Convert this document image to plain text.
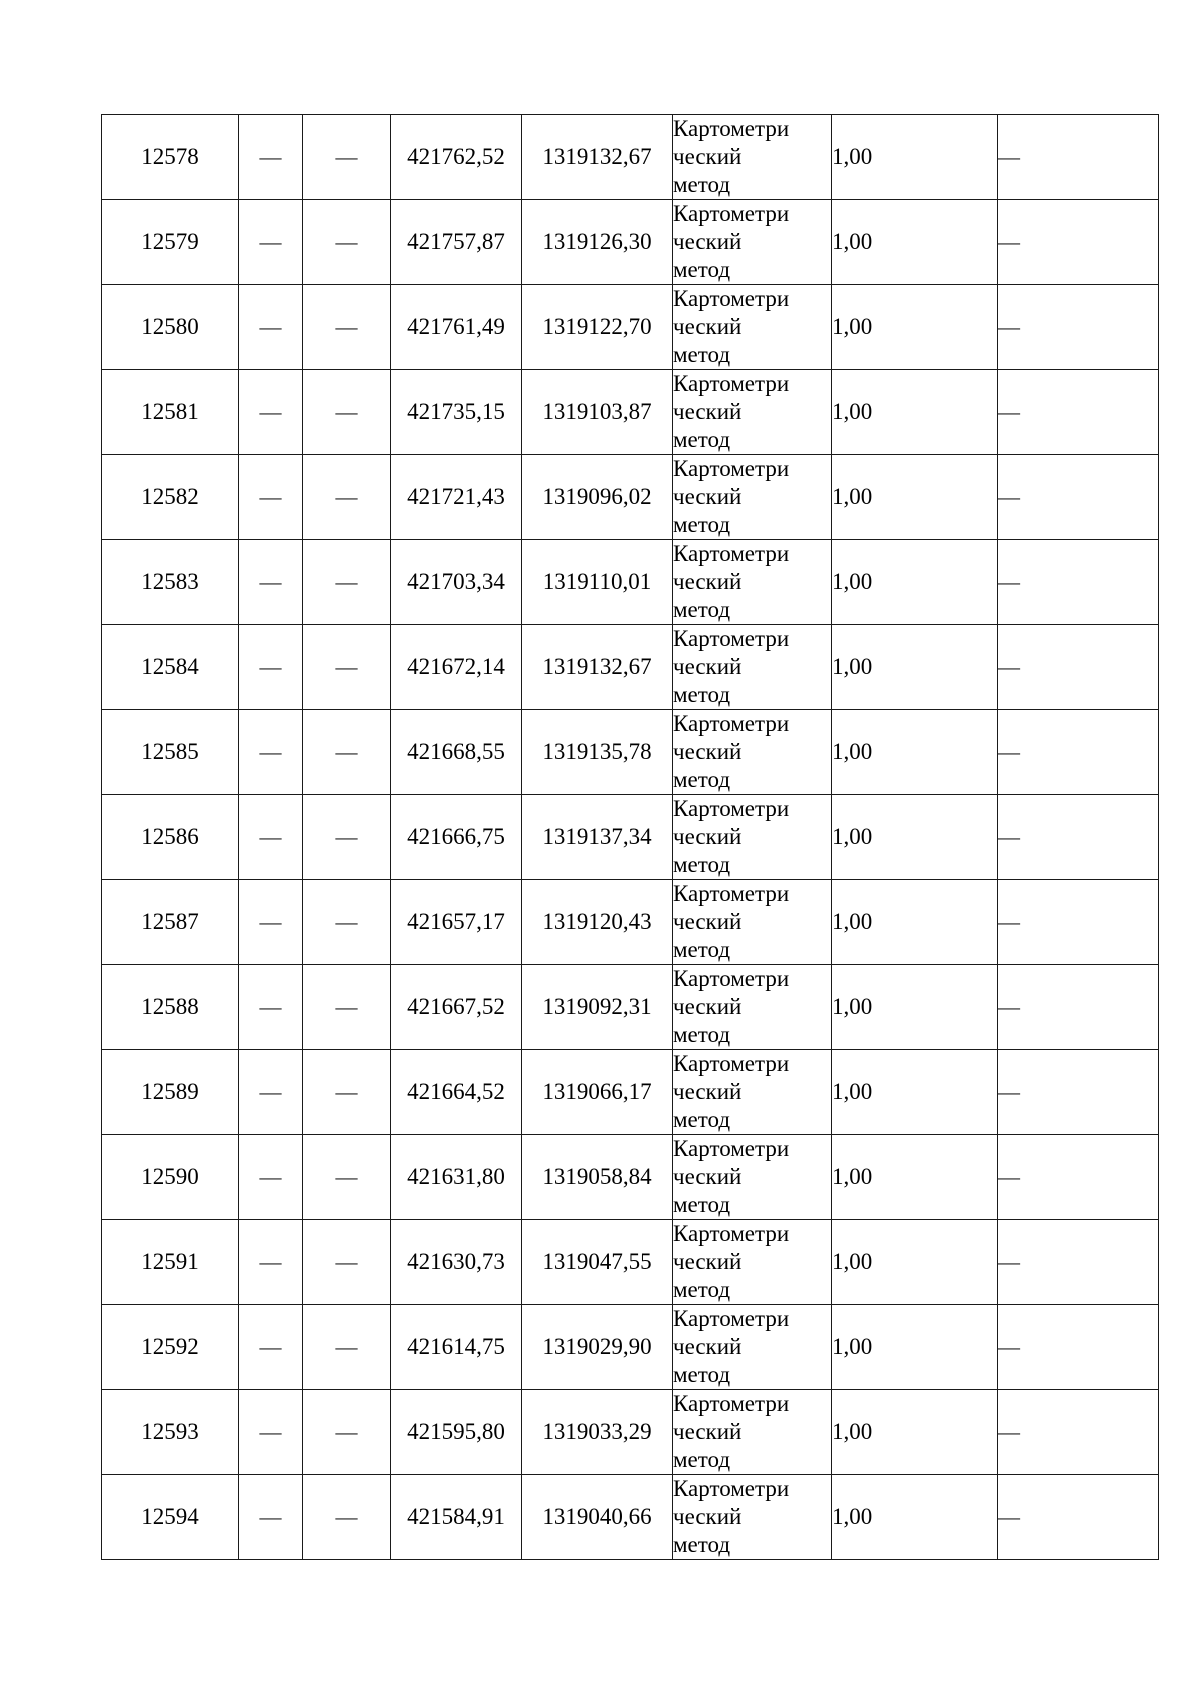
12578	—	—	421762,52	1319132,67	Картометри
ческий
метод	1,00	—
12579	—	—	421757,87	1319126,30	Картометри
ческий
метод	1,00	—
12580	—	—	421761,49	1319122,70	Картометри
ческий
метод	1,00	—
12581	—	—	421735,15	1319103,87	Картометри
ческий
метод	1,00	—
12582	—	—	421721,43	1319096,02	Картометри
ческий
метод	1,00	—
12583	—	—	421703,34	1319110,01	Картометри
ческий
метод	1,00	—
12584	—	—	421672,14	1319132,67	Картометри
ческий
метод	1,00	—
12585	—	—	421668,55	1319135,78	Картометри
ческий
метод	1,00	—
12586	—	—	421666,75	1319137,34	Картометри
ческий
метод	1,00	—
12587	—	—	421657,17	1319120,43	Картометри
ческий
метод	1,00	—
12588	—	—	421667,52	1319092,31	Картометри
ческий
метод	1,00	—
12589	—	—	421664,52	1319066,17	Картометри
ческий
метод	1,00	—
12590	—	—	421631,80	1319058,84	Картометри
ческий
метод	1,00	—
12591	—	—	421630,73	1319047,55	Картометри
ческий
метод	1,00	—
12592	—	—	421614,75	1319029,90	Картометри
ческий
метод	1,00	—
12593	—	—	421595,80	1319033,29	Картометри
ческий
метод	1,00	—
12594	—	—	421584,91	1319040,66	Картометри
ческий
метод	1,00	—
